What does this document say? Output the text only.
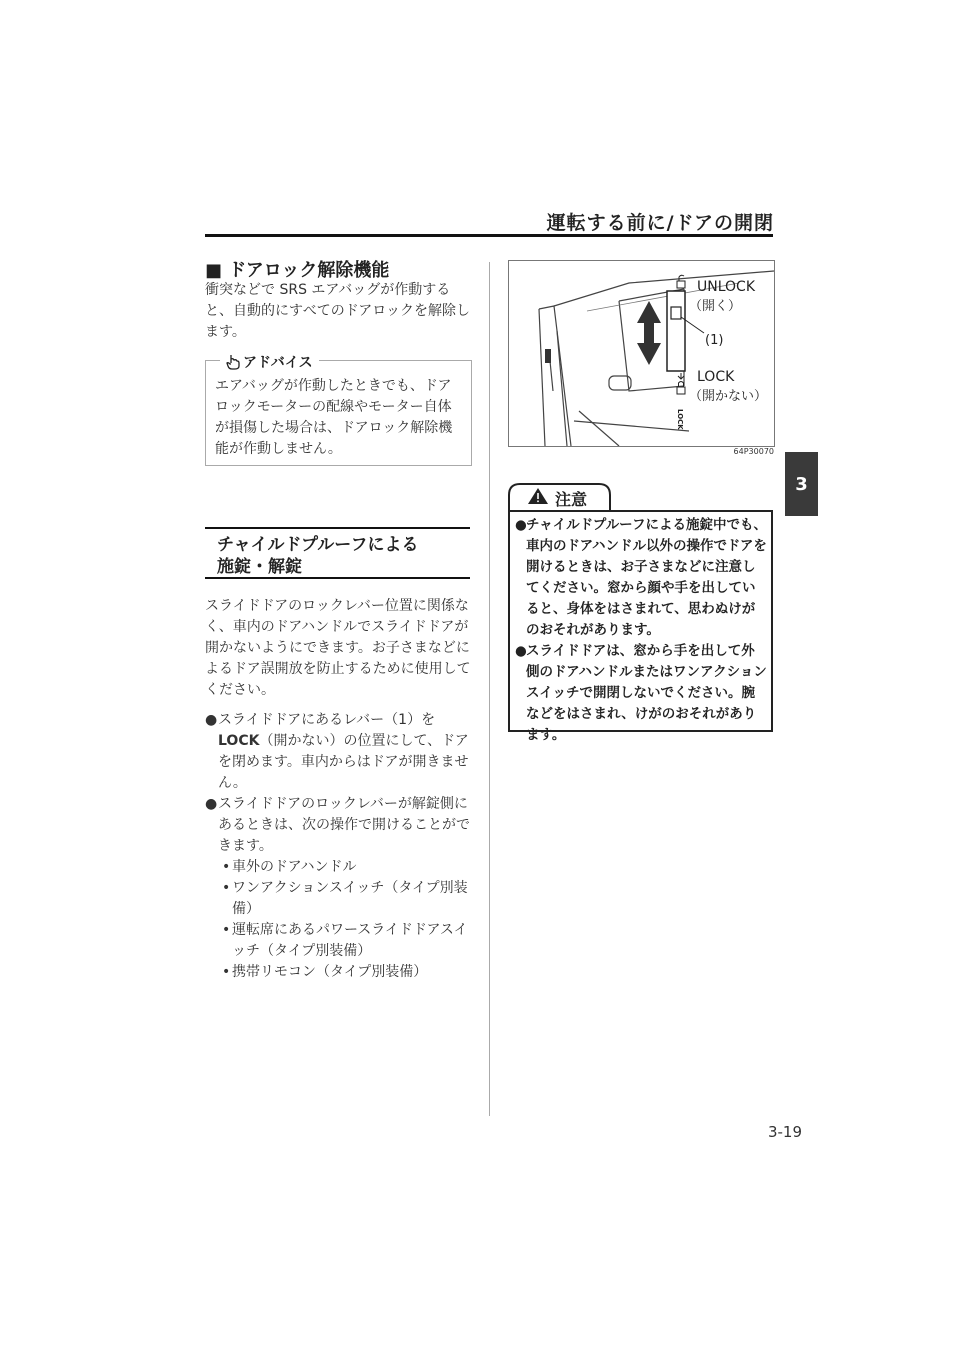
運転する前に/ドアの開閉
3
■ ドアロック解除機能
衝突などで SRS エアバッグが作動すると、自動的にすべてのドアロックを解除します。
アドバイス
エアバッグが作動したときでも、ドアロックモーターの配線やモーター自体が損傷した場合は、ドアロック解除機能が作動しません。
チャイルドプルーフによる
施錠・解錠
スライドドアのロックレバー位置に関係なく、車内のドアハンドルでスライドドアが開かないようにできます。お子さまなどによるドア誤開放を防止するために使用してください。
● スライドドアにあるレバー（1）をLOCK（開かない）の位置にして、ドアを閉めます。車内からはドアが開きません。
● スライドドアのロックレバーが解錠側にあるときは、次の操作で開けることができます。
• 車外のドアハンドル
• ワンアクションスイッチ（タイプ別装備）
• 運転席にあるパワースライドドアスイッチ（タイプ別装備）
• 携帯リモコン（タイプ別装備）
UNLOCK
（開く）
(1)
LOCK
（開かない）
LOCK
64P30070
注意
● チャイルドプルーフによる施錠中でも、車内のドアハンドル以外の操作でドアを開けるときは、お子さまなどに注意してください。窓から顔や手を出していると、身体をはさまれて、思わぬけがのおそれがあります。
● スライドドアは、窓から手を出して外側のドアハンドルまたはワンアクションスイッチで開閉しないでください。腕などをはさまれ、けがのおそれがあります。
3-19
